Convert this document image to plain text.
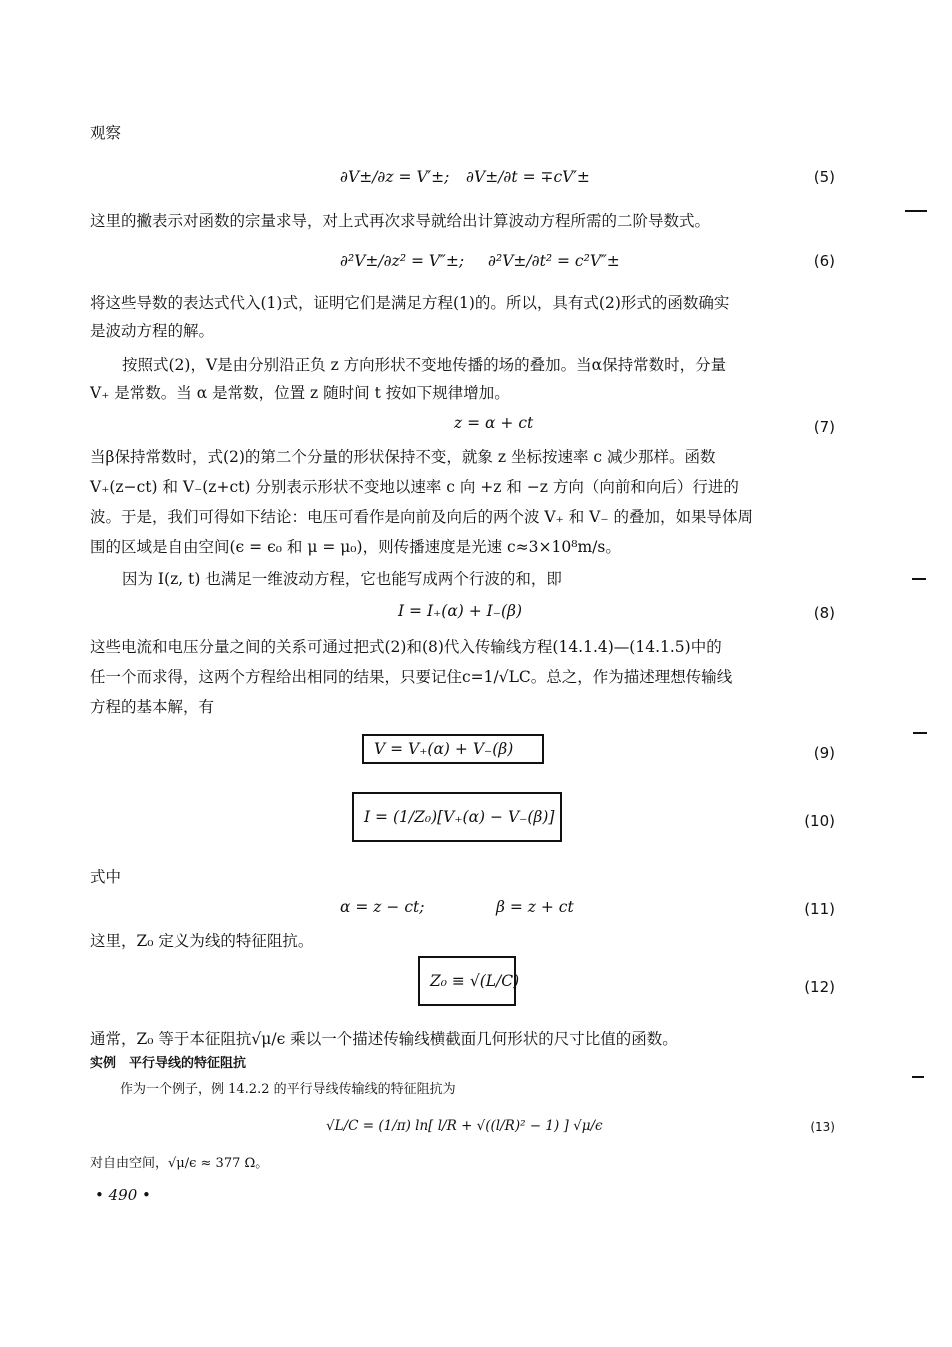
观察
∂V±/∂z = V′±; ∂V±/∂t = ∓cV′±	(5)
这里的撇表示对函数的宗量求导，对上式再次求导就给出计算波动方程所需的二阶导数式。
∂²V±/∂z² = V″±; ∂²V±/∂t² = c²V″±	(6)
将这些导数的表达式代入(1)式，证明它们是满足方程(1)的。所以，具有式(2)形式的函数确实
是波动方程的解。
按照式(2)，V是由分别沿正负 z 方向形状不变地传播的场的叠加。当α保持常数时，分量
V₊ 是常数。当 α 是常数，位置 z 随时间 t 按如下规律增加。
z = α + ct	(7)
当β保持常数时，式(2)的第二个分量的形状保持不变，就象 z 坐标按速率 c 减少那样。函数
V₊(z−ct) 和 V₋(z+ct) 分别表示形状不变地以速率 c 向 +z 和 −z 方向（向前和向后）行进的
波。于是，我们可得如下结论：电压可看作是向前及向后的两个波 V₊ 和 V₋ 的叠加，如果导体周
围的区域是自由空间(ϵ = ϵ₀ 和 μ = μ₀)，则传播速度是光速 c≈3×10⁸m/s。
因为 I(z, t) 也满足一维波动方程，它也能写成两个行波的和，即
I = I₊(α) + I₋(β)	(8)
这些电流和电压分量之间的关系可通过把式(2)和(8)代入传输线方程(14.1.4)—(14.1.5)中的
任一个而求得，这两个方程给出相同的结果，只要记住c=1/√LC。总之，作为描述理想传输线
方程的基本解，有
V = V₊(α) + V₋(β)	(9)
I = (1/Z₀)[V₊(α) − V₋(β)]	(10)
式中
α = z − ct;	β = z + ct	(11)
这里，Z₀ 定义为线的特征阻抗。
Z₀ ≡ √(L/C)	(12)
通常，Z₀ 等于本征阻抗√μ/ϵ 乘以一个描述传输线横截面几何形状的尺寸比值的函数。
实例　平行导线的特征阻抗
作为一个例子，例 14.2.2 的平行导线传输线的特征阻抗为
√L/C = (1/π) ln[ l/R + √((l/R)² − 1) ] √μ/ϵ	(13)
对自由空间，√μ/ϵ ≈ 377 Ω。
• 490 •
